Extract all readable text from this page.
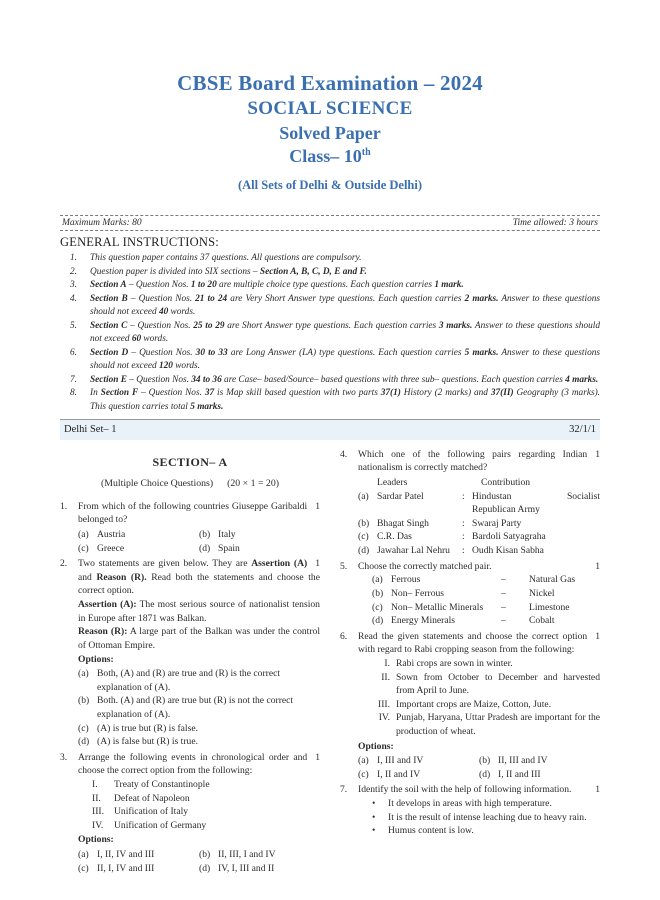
CBSE Board Examination – 2024
SOCIAL SCIENCE
Solved Paper
Class– 10th
(All Sets of Delhi & Outside Delhi)
Maximum Marks: 80	Time allowed: 3 hours
GENERAL INSTRUCTIONS:
1. This question paper contains 37 questions. All questions are compulsory.
2. Question paper is divided into SIX sections – Section A, B, C, D, E and F.
3. Section A – Question Nos. 1 to 20 are multiple choice type questions. Each question carries 1 mark.
4. Section B – Question Nos. 21 to 24 are Very Short Answer type questions. Each question carries 2 marks. Answer to these questions should not exceed 40 words.
5. Section C – Question Nos. 25 to 29 are Short Answer type questions. Each question carries 3 marks. Answer to these questions should not exceed 60 words.
6. Section D – Question Nos. 30 to 33 are Long Answer (LA) type questions. Each question carries 5 marks. Answer to these questions should not exceed 120 words.
7. Section E – Question Nos. 34 to 36 are Case– based/Source– based questions with three sub– questions. Each question carries 4 marks.
8. In Section F – Question Nos. 37 is Map skill based question with two parts 37(1) History (2 marks) and 37(II) Geography (3 marks). This question carries total 5 marks.
Delhi Set– 1	32/1/1
SECTION– A
(Multiple Choice Questions) (20 × 1 = 20)
1.	1
From which of the following countries Giuseppe Garibaldi belonged to?
(a) Austria	(b) Italy
(c) Greece	(d) Spain
2.	1
Two statements are given below. They are Assertion (A) and Reason (R). Read both the statements and choose the correct option.
Assertion (A): The most serious source of nationalist tension in Europe after 1871 was Balkan.
Reason (R): A large part of the Balkan was under the control of Ottoman Empire.
Options:
(a) Both, (A) and (R) are true and (R) is the correct explanation of (A).
(b) Both. (A) and (R) are true but (R) is not the correct explanation of (A).
(c) (A) is true but (R) is false.
(d) (A) is false but (R) is true.
3.	1
Arrange the following events in chronological order and choose the correct option from the following:
I.	Treaty of Constantinople
II.	Defeat of Napoleon
III.	Unification of Italy
IV.	Unification of Germany
Options:
(a) I, II, IV and III	(b) II, III, I and IV
(c) II, I, IV and III	(d) IV, I, III and II
4.	1
Which one of the following pairs regarding Indian nationalism is correctly matched?
Leaders	Contribution
(a) Sardar Patel	: Hindustan	Socialist
Republican Army
(b) Bhagat Singh	: Swaraj Party
(c) C.R. Das	: Bardoli Satyagraha
(d) Jawahar Lal Nehru	: Oudh Kisan Sabha
5.	1
Choose the correctly matched pair.
(a) Ferrous	–	Natural Gas
(b) Non– Ferrous	–	Nickel
(c) Non– Metallic Minerals	–	Limestone
(d) Energy Minerals	–	Cobalt
6.	1
Read the given statements and choose the correct option with regard to Rabi cropping season from the following:
I. Rabi crops are sown in winter.
II. Sown from October to December and harvested from April to June.
III. Important crops are Maize, Cotton, Jute.
IV. Punjab, Haryana, Uttar Pradesh are important for the production of wheat.
Options:
(a) I, III and IV	(b) II, III and IV
(c) I, II and IV	(d) I, II and III
7.	1
Identify the soil with the help of following information.
•	It develops in areas with high temperature.
•	It is the result of intense leaching due to heavy rain.
•	Humus content is low.
